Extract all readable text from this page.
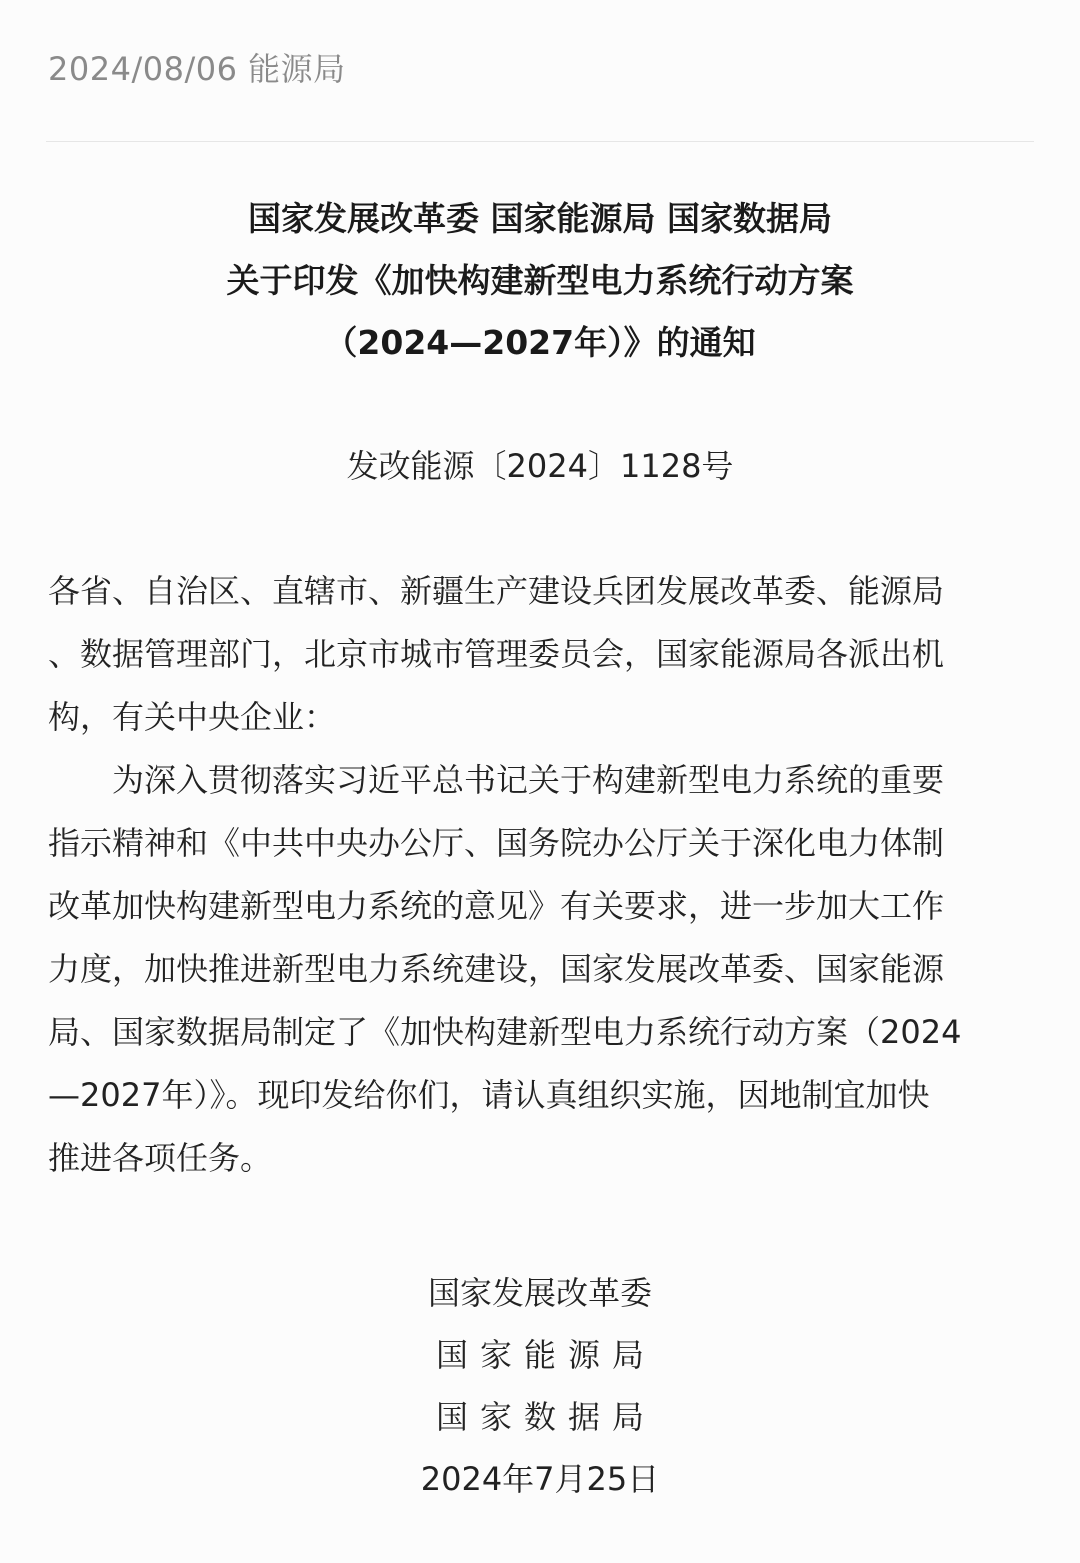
2024/08/06 能源局
国家发展改革委 国家能源局 国家数据局
关于印发《加快构建新型电力系统行动方案
（2024—2027年）》的通知
发改能源〔2024〕1128号
各省、自治区、直辖市、新疆生产建设兵团发展改革委、能源局
、数据管理部门，北京市城市管理委员会，国家能源局各派出机
构，有关中央企业：
　　为深入贯彻落实习近平总书记关于构建新型电力系统的重要
指示精神和《中共中央办公厅、国务院办公厅关于深化电力体制
改革加快构建新型电力系统的意见》有关要求，进一步加大工作
力度，加快推进新型电力系统建设，国家发展改革委、国家能源
局、国家数据局制定了《加快构建新型电力系统行动方案（2024
—2027年）》。现印发给你们，请认真组织实施，因地制宜加快
推进各项任务。
国家发展改革委
国家能源局
国家数据局
2024年7月25日
